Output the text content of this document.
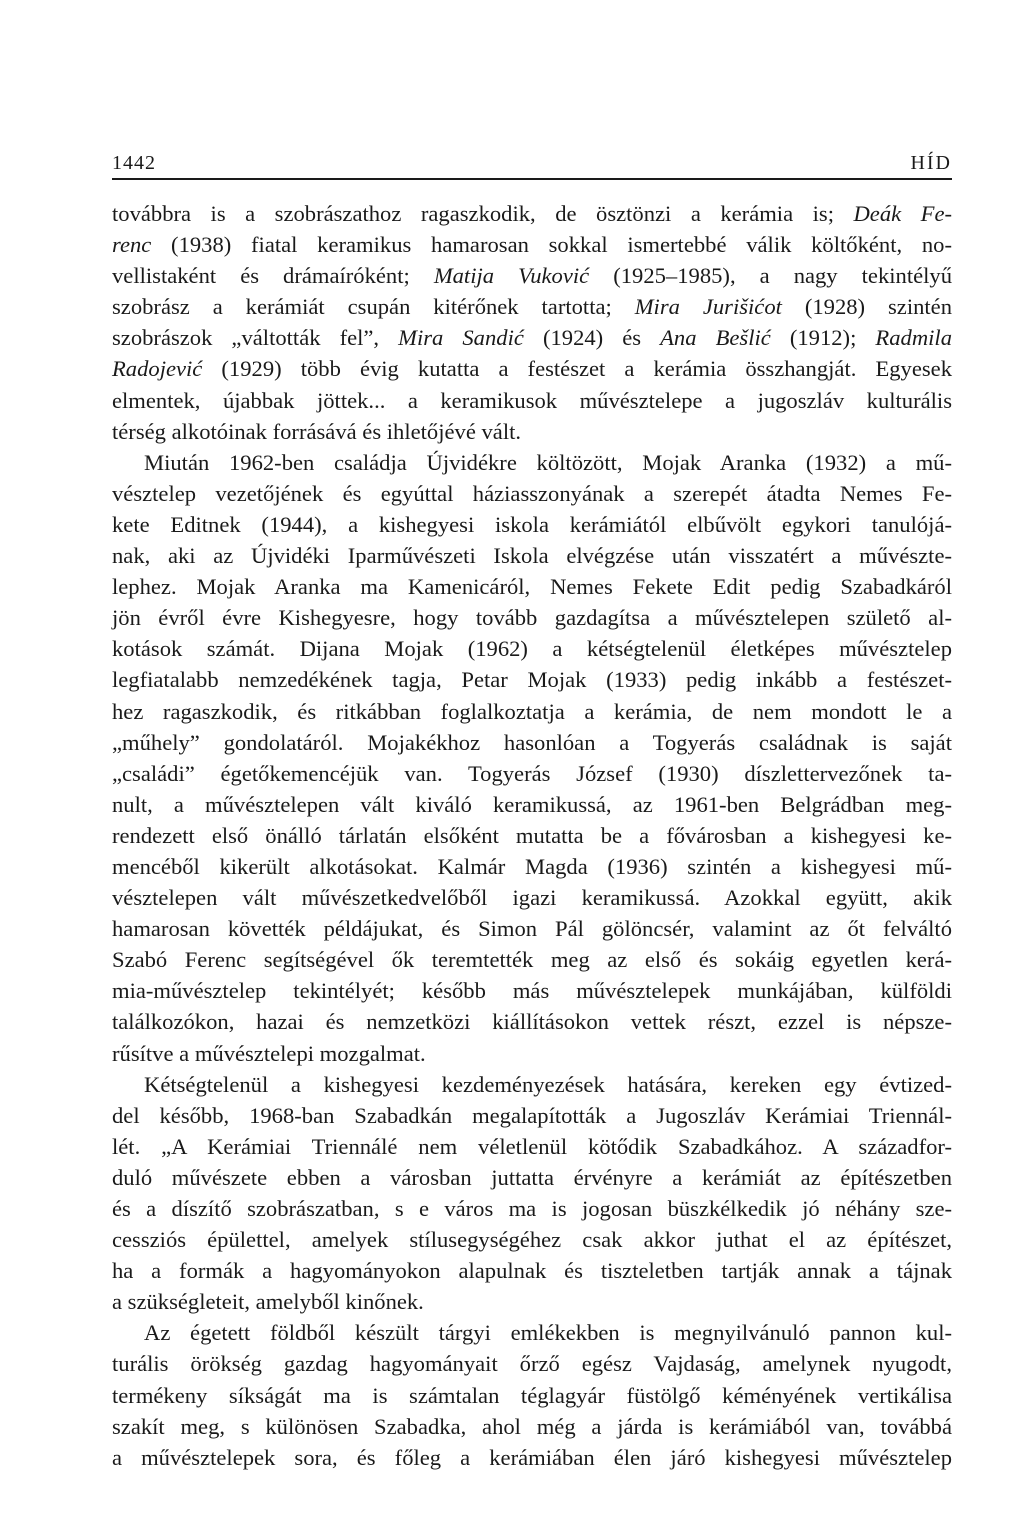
1442	HÍD
továbbra is a szobrászathoz ragaszkodik, de ösztönzi a kerámia is; Deák Fe-
renc (1938) fiatal keramikus hamarosan sokkal ismertebbé válik költőként, no-
vellistaként és drámaíróként; Matija Vuković (1925–1985), a nagy tekintélyű
szobrász a kerámiát csupán kitérőnek tartotta; Mira Jurišićot (1928) szintén
szobrászok „váltották fel”, Mira Sandić (1924) és Ana Bešlić (1912); Radmila
Radojević (1929) több évig kutatta a festészet a kerámia összhangját. Egyesek
elmentek, újabbak jöttek... a keramikusok művésztelepe a jugoszláv kulturális
térség alkotóinak forrásává és ihletőjévé vált.
Miután 1962-ben családja Újvidékre költözött, Mojak Aranka (1932) a mű-
vésztelep vezetőjének és egyúttal háziasszonyának a szerepét átadta Nemes Fe-
kete Editnek (1944), a kishegyesi iskola kerámiától elbűvölt egykori tanulójá-
nak, aki az Újvidéki Iparművészeti Iskola elvégzése után visszatért a művészte-
lephez. Mojak Aranka ma Kamenicáról, Nemes Fekete Edit pedig Szabadkáról
jön évről évre Kishegyesre, hogy tovább gazdagítsa a művésztelepen születő al-
kotások számát. Dijana Mojak (1962) a kétségtelenül életképes művésztelep
legfiatalabb nemzedékének tagja, Petar Mojak (1933) pedig inkább a festészet-
hez ragaszkodik, és ritkábban foglalkoztatja a kerámia, de nem mondott le a
„műhely” gondolatáról. Mojakékhoz hasonlóan a Togyerás családnak is saját
„családi” égetőkemencéjük van. Togyerás József (1930) díszlettervezőnek ta-
nult, a művésztelepen vált kiváló keramikussá, az 1961-ben Belgrádban meg-
rendezett első önálló tárlatán elsőként mutatta be a fővárosban a kishegyesi ke-
mencéből kikerült alkotásokat. Kalmár Magda (1936) szintén a kishegyesi mű-
vésztelepen vált művészetkedvelőből igazi keramikussá. Azokkal együtt, akik
hamarosan követték példájukat, és Simon Pál gölöncsér, valamint az őt felváltó
Szabó Ferenc segítségével ők teremtették meg az első és sokáig egyetlen kerá-
mia-művésztelep tekintélyét; később más művésztelepek munkájában, külföldi
találkozókon, hazai és nemzetközi kiállításokon vettek részt, ezzel is népsze-
rűsítve a művésztelepi mozgalmat.
Kétségtelenül a kishegyesi kezdeményezések hatására, kereken egy évtized-
del később, 1968-ban Szabadkán megalapították a Jugoszláv Kerámiai Triennál-
lét. „A Kerámiai Triennálé nem véletlenül kötődik Szabadkához. A századfor-
duló művészete ebben a városban juttatta érvényre a kerámiát az építészetben
és a díszítő szobrászatban, s e város ma is jogosan büszkélkedik jó néhány sze-
cessziós épülettel, amelyek stílusegységéhez csak akkor juthat el az építészet,
ha a formák a hagyományokon alapulnak és tiszteletben tartják annak a tájnak
a szükségleteit, amelyből kinőnek.
Az égetett földből készült tárgyi emlékekben is megnyilvánuló pannon kul-
turális örökség gazdag hagyományait őrző egész Vajdaság, amelynek nyugodt,
termékeny síkságát ma is számtalan téglagyár füstölgő kéményének vertikálisa
szakít meg, s különösen Szabadka, ahol még a járda is kerámiából van, továbbá
a művésztelepek sora, és főleg a kerámiában élen járó kishegyesi művésztelep
